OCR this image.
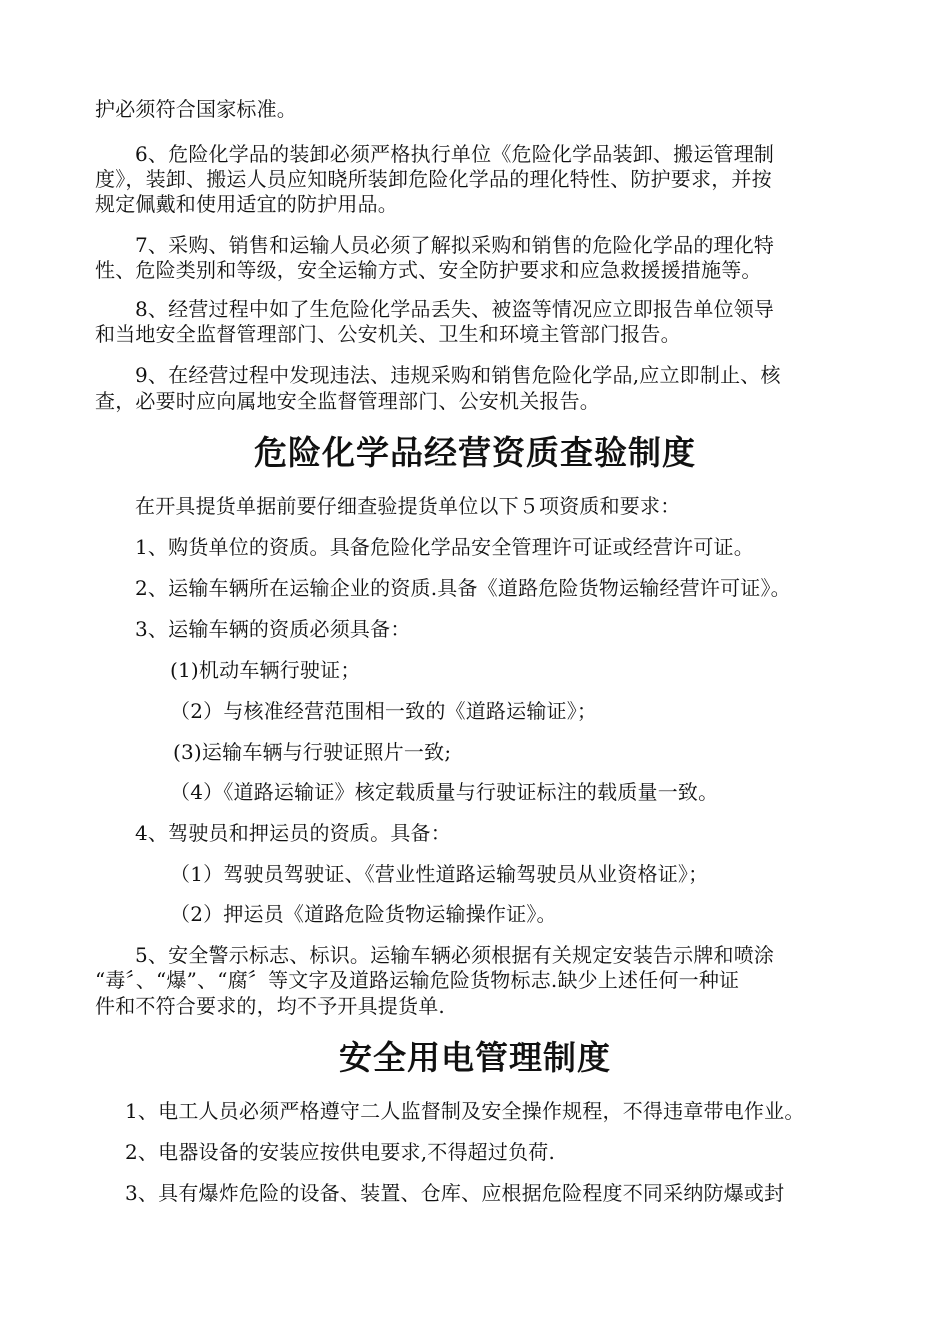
护必须符合国家标准。
6、危险化学品的装卸必须严格执行单位《危险化学品装卸、搬运管理制
度》，装卸、搬运人员应知晓所装卸危险化学品的理化特性、防护要求，并按
规定佩戴和使用适宜的防护用品。
7、采购、销售和运输人员必须了解拟采购和销售的危险化学品的理化特
性、危险类别和等级，安全运输方式、安全防护要求和应急救援援措施等。
8、经营过程中如了生危险化学品丢失、被盗等情况应立即报告单位领导
和当地安全监督管理部门、公安机关、卫生和环境主管部门报告。
9、在经营过程中发现违法、违规采购和销售危险化学品,应立即制止、核
查，必要时应向属地安全监督管理部门、公安机关报告。
危险化学品经营资质查验制度
在开具提货单据前要仔细查验提货单位以下５项资质和要求：
1、购货单位的资质。具备危险化学品安全管理许可证或经营许可证。
2、运输车辆所在运输企业的资质.具备《道路危险货物运输经营许可证》。
3、运输车辆的资质必须具备：
(1)机动车辆行驶证；
（2）与核准经营范围相一致的《道路运输证》；
(3)运输车辆与行驶证照片一致;
（4）《道路运输证》核定载质量与行驶证标注的载质量一致。
4、驾驶员和押运员的资质。具备：
（1）驾驶员驾驶证、《营业性道路运输驾驶员从业资格证》；
（2）押运员《道路危险货物运输操作证》。
5、安全警示标志、标识。运输车辆必须根据有关规定安装告示牌和喷涂
“毒〞、“爆”、“腐〞等文字及道路运输危险货物标志.缺少上述任何一种证
件和不符合要求的，均不予开具提货单.
安全用电管理制度
1、电工人员必须严格遵守二人监督制及安全操作规程，不得违章带电作业。
2、电器设备的安装应按供电要求,不得超过负荷.
3、具有爆炸危险的设备、装置、仓库、应根据危险程度不同采纳防爆或封
